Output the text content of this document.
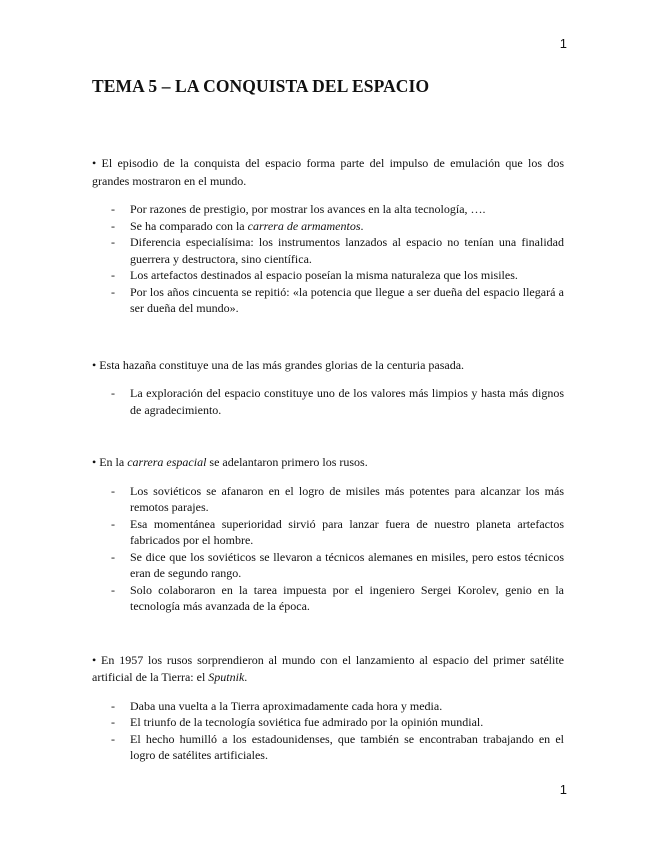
1
TEMA 5 – LA CONQUISTA DEL ESPACIO

• El episodio de la conquista del espacio forma parte del impulso de emulación que los dos grandes mostraron en el mundo.

- Por razones de prestigio, por mostrar los avances en la alta tecnología, ….
- Se ha comparado con la carrera de armamentos.
- Diferencia especialísima: los instrumentos lanzados al espacio no tenían una finalidad guerrera y destructora, sino científica.
- Los artefactos destinados al espacio poseían la misma naturaleza que los misiles.
- Por los años cincuenta se repitió: «la potencia que llegue a ser dueña del espacio llegará a ser dueña del mundo».

• Esta hazaña constituye una de las más grandes glorias de la centuria pasada.

- La exploración del espacio constituye uno de los valores más limpios y hasta más dignos de agradecimiento.

• En la carrera espacial se adelantaron primero los rusos.

- Los soviéticos se afanaron en el logro de misiles más potentes para alcanzar los más remotos parajes.
- Esa momentánea superioridad sirvió para lanzar fuera de nuestro planeta artefactos fabricados por el hombre.
- Se dice que los soviéticos se llevaron a técnicos alemanes en misiles, pero estos técnicos eran de segundo rango.
- Solo colaboraron en la tarea impuesta por el ingeniero Sergei Korolev, genio en la tecnología más avanzada de la época.

• En 1957 los rusos sorprendieron al mundo con el lanzamiento al espacio del primer satélite artificial de la Tierra: el Sputnik.

- Daba una vuelta a la Tierra aproximadamente cada hora y media.
- El triunfo de la tecnología soviética fue admirado por la opinión mundial.
- El hecho humilló a los estadounidenses, que también se encontraban trabajando en el logro de satélites artificiales.
1
